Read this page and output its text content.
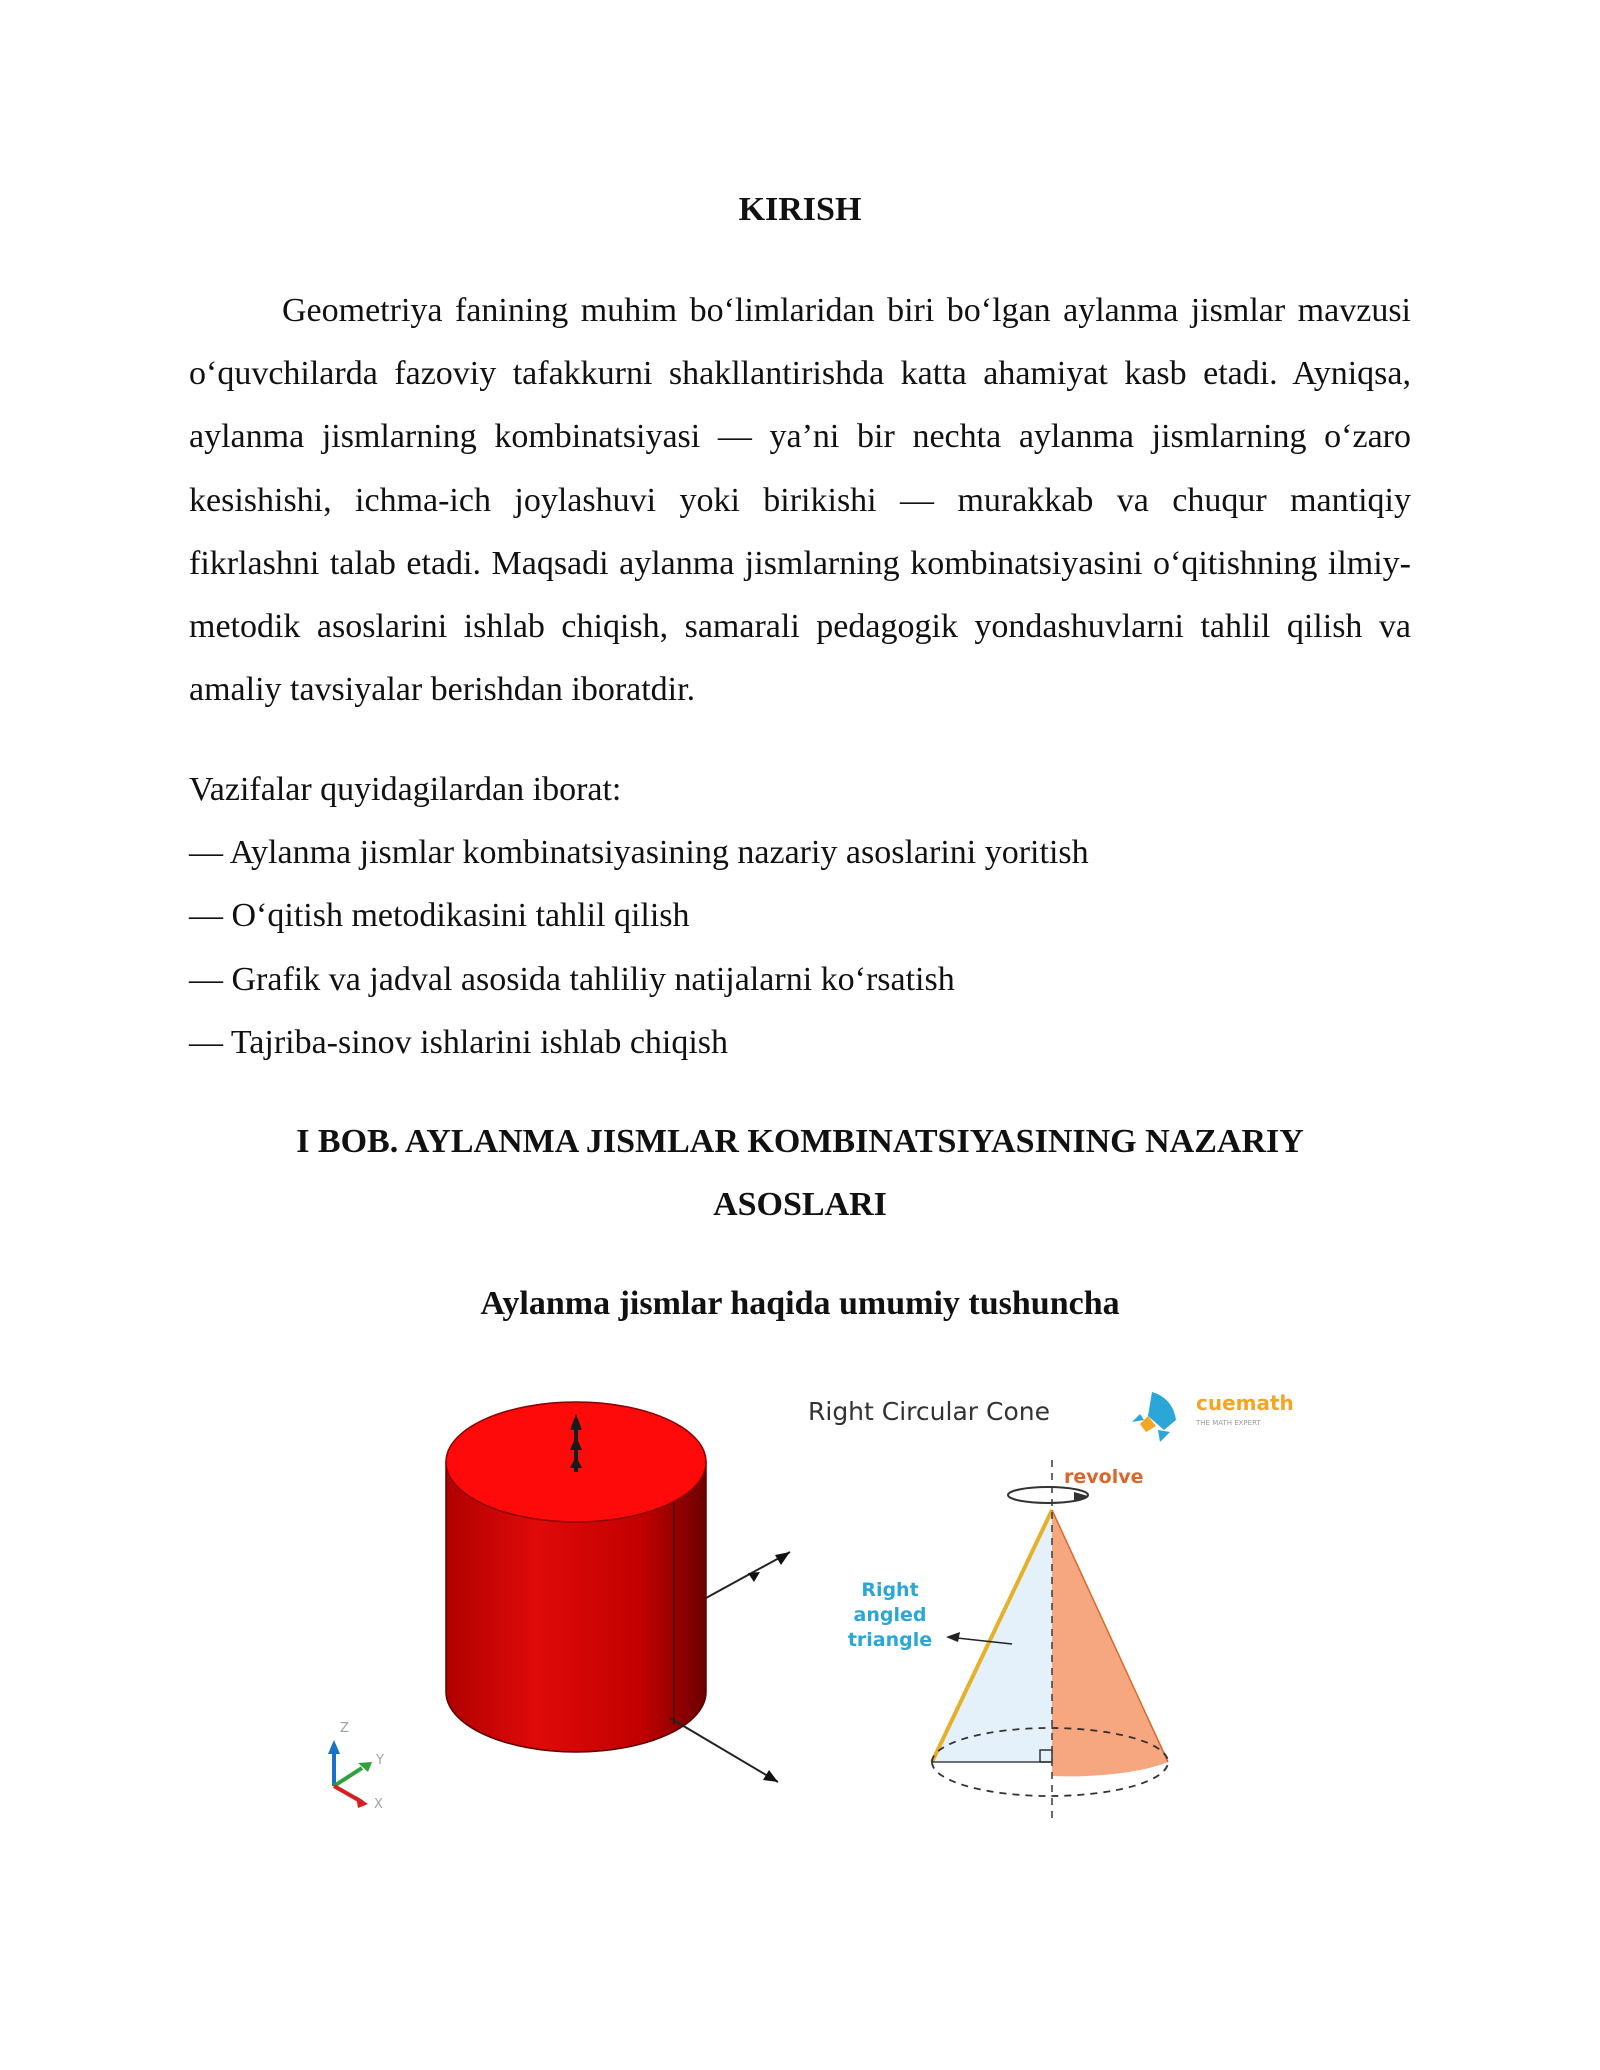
KIRISH

Geometriya fanining muhim bo‘limlaridan biri bo‘lgan aylanma jismlar mavzusi o‘quvchilarda fazoviy tafakkurni shakllantirishda katta ahamiyat kasb etadi. Ayniqsa, aylanma jismlarning kombinatsiyasi — ya’ni bir nechta aylanma jismlarning o‘zaro kesishishi, ichma-ich joylashuvi yoki birikishi — murakkab va chuqur mantiqiy fikrlashni talab etadi. Maqsadi aylanma jismlarning kombinatsiyasini o‘qitishning ilmiy-metodik asoslarini ishlab chiqish, samarali pedagogik yondashuvlarni tahlil qilish va amaliy tavsiyalar berishdan iboratdir.

Vazifalar quyidagilardan iborat:
— Aylanma jismlar kombinatsiyasining nazariy asoslarini yoritish
— O‘qitish metodikasini tahlil qilish
— Grafik va jadval asosida tahliliy natijalarni ko‘rsatish
— Tajriba-sinov ishlarini ishlab chiqish
I BOB. AYLANMA JISMLAR KOMBINATSIYASINING NAZARIY ASOSLARI
Aylanma jismlar haqida umumiy tushuncha
Z
Y
X
Right Circular Cone	cuemath
THE MATH EXPERT
revolve
Right
angled
triangle
